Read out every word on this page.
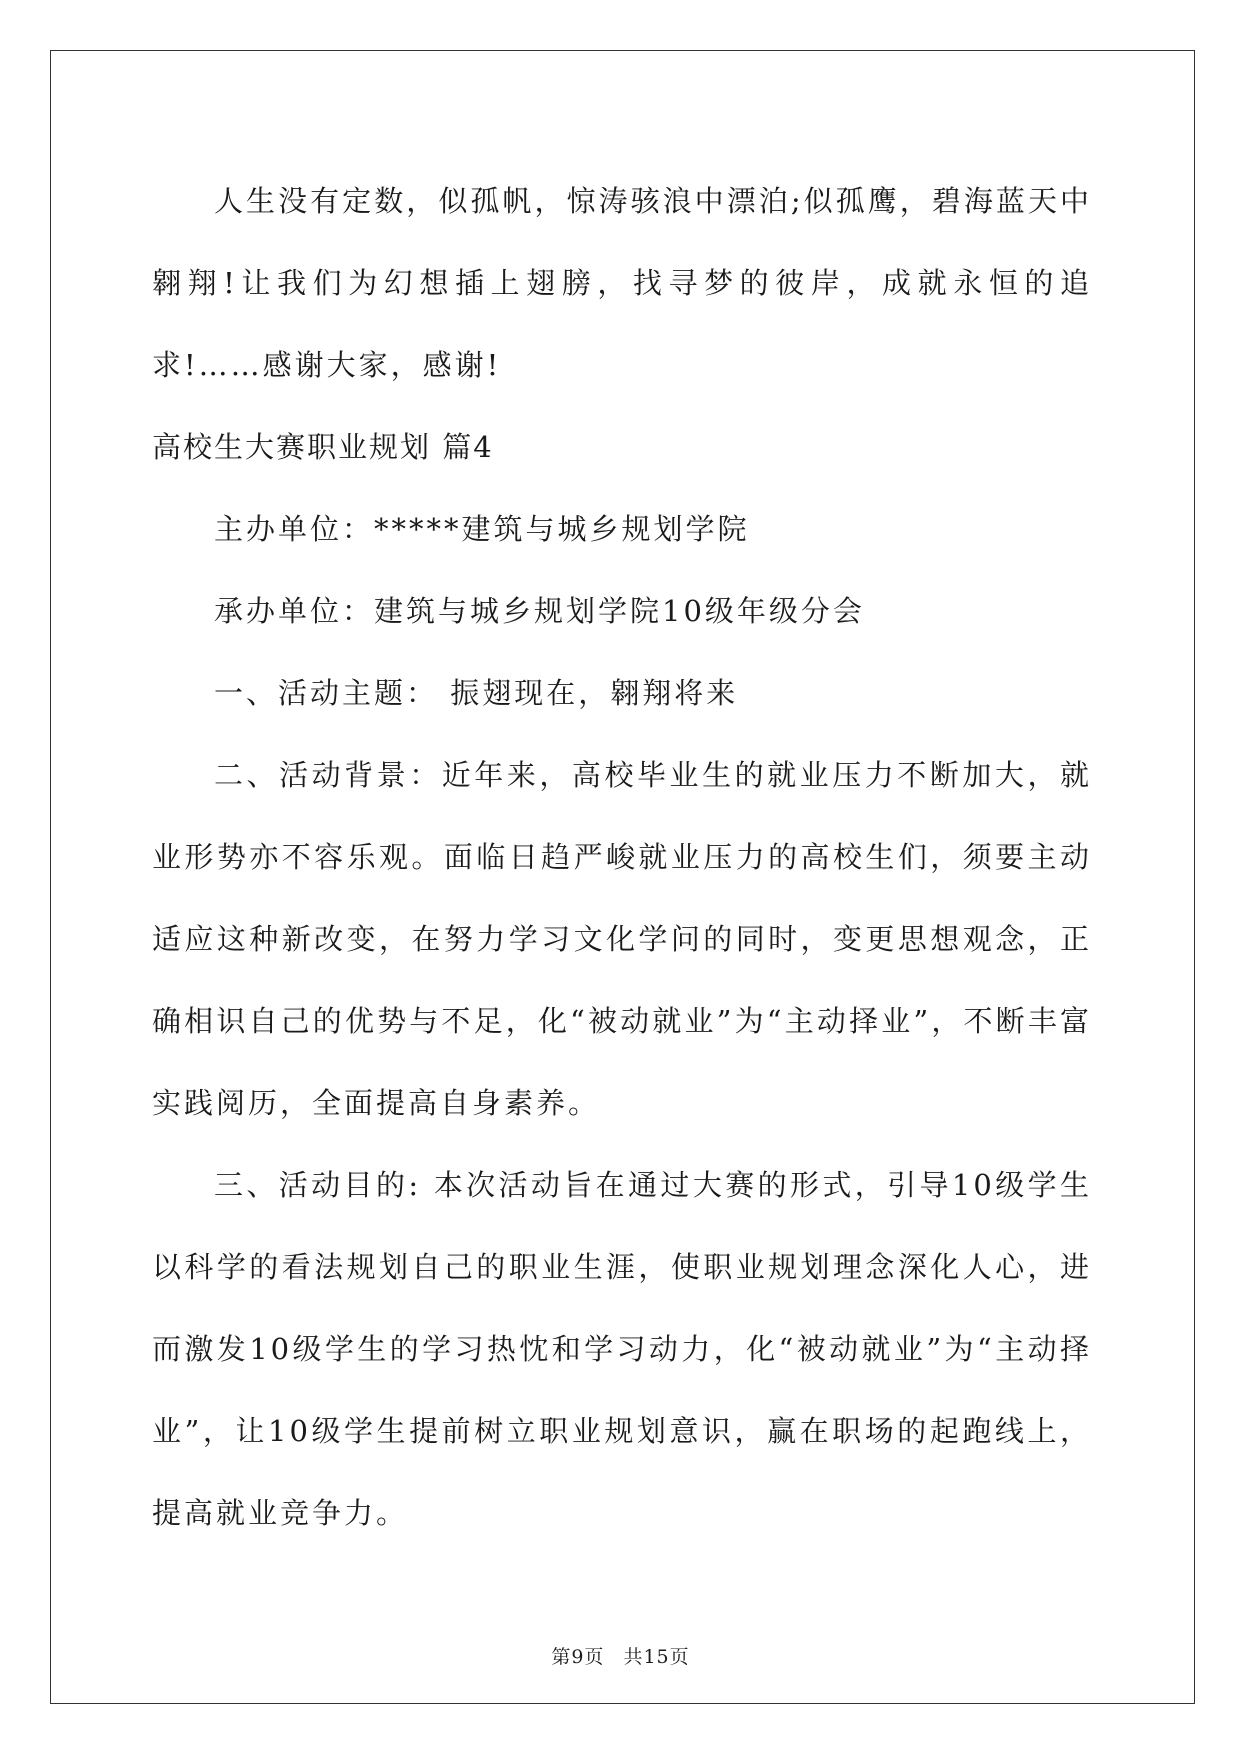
人生没有定数，似孤帆，惊涛骇浪中漂泊;似孤鹰，碧海蓝天中翱翔!让我们为幻想插上翅膀，找寻梦的彼岸，成就永恒的追求!……感谢大家，感谢!

高校生大赛职业规划 篇4

主办单位：*****建筑与城乡规划学院

承办单位：建筑与城乡规划学院10级年级分会

一、活动主题： 振翅现在，翱翔将来

二、活动背景：近年来，高校毕业生的就业压力不断加大，就业形势亦不容乐观。面临日趋严峻就业压力的高校生们，须要主动适应这种新改变，在努力学习文化学问的同时，变更思想观念，正确相识自己的优势与不足，化“被动就业”为“主动择业”，不断丰富实践阅历，全面提高自身素养。

三、活动目的: 本次活动旨在通过大赛的形式，引导10级学生以科学的看法规划自己的职业生涯，使职业规划理念深化人心，进而激发10级学生的学习热忱和学习动力，化“被动就业”为“主动择业”，让10级学生提前树立职业规划意识，赢在职场的起跑线上，提高就业竞争力。

第9页 共15页
